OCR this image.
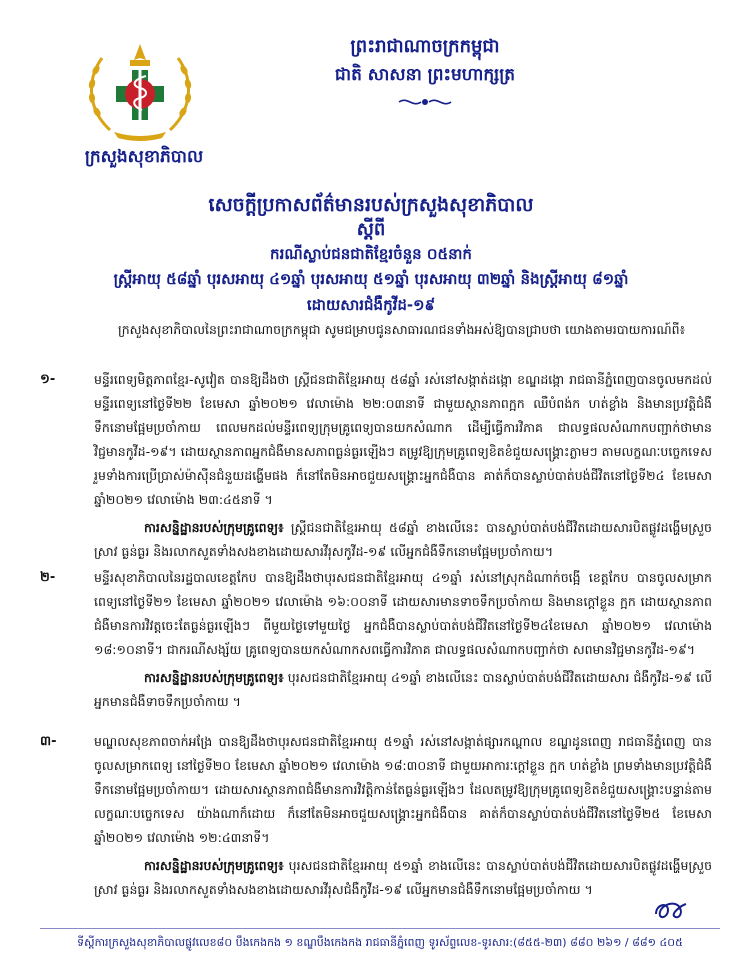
ក្រសួងសុខាភិបាល
ព្រះរាជាណាចក្រកម្ពុជា
ជាតិ សាសនា ព្រះមហាក្សត្រ
សេចក្តីប្រកាសព័ត៌មានរបស់ក្រសួងសុខាភិបាល
ស្តីពី
ករណីស្លាប់ជនជាតិខ្មែរចំនួន ០៥នាក់
ស្ត្រីអាយុ ៥៨ឆ្នាំ បុរសអាយុ ៤១ឆ្នាំ បុរសអាយុ ៥១ឆ្នាំ បុរសអាយុ ៣២ឆ្នាំ និងស្ត្រីអាយុ ៨១ឆ្នាំ
ដោយសារជំងឺកូវីដ-១៩
ក្រសួងសុខាភិបាលនៃព្រះរាជាណាចក្រកម្ពុជា សូមជម្រាបជូនសាធារណជនទាំងអស់ឱ្យបានជ្រាបថា យោងតាមរបាយការណ៍ពី៖
១-	មន្ទីរពេទ្យមិត្តភាពខ្មែរ-សូវៀត បានឱ្យដឹងថា ស្ត្រីជនជាតិខ្មែរអាយុ ៥៨ឆ្នាំ រស់នៅសង្កាត់ដង្កោ ខណ្ឌដង្កោ រាជធានីភ្នំពេញបានចូលមកដល់មន្ទីរពេទ្យនៅថ្ងៃទី២២ ខែមេសា ឆ្នាំ២០២១ វេលាម៉ោង ២២:០៣នាទី ជាមួយស្ថានភាពក្អក ឈឺបំពង់ក ហត់ខ្លាំង និងមានប្រវត្តិជំងឺទឹកនោមផ្អែមប្រចាំកាយ ពេលមកដល់មន្ទីរពេទ្យក្រុមគ្រូពេទ្យបានយកសំណាក ដើម្បីធ្វើការវិភាគ ជាលទ្ធផលសំណាកបញ្ជាក់ថាមានវិជ្ជមានកូវីដ-១៩។ ដោយស្ថានភាពអ្នកជំងឺមានសភាពធ្ងន់ធ្ងរឡើងៗ តម្រូវឱ្យក្រុមគ្រូពេទ្យខិតខំជួយសង្គ្រោះភ្លាមៗ តាមលក្ខណៈបច្ចេកទេសរួមទាំងការប្រើប្រាស់ម៉ាស៊ីនជំនួយដង្ហើមផង ក៏នៅតែមិនអាចជួយសង្គ្រោះអ្នកជំងឺបាន គាត់ក៏បានស្លាប់បាត់បង់ជីវិតនៅថ្ងៃទី២៤ ខែមេសា ឆ្នាំ២០២១ វេលាម៉ោង ២៣:៤៥នាទី ។
ការសន្និដ្ឋានរបស់ក្រុមគ្រូពេទ្យ៖ ស្ត្រីជនជាតិខ្មែរអាយុ ៥៨ឆ្នាំ ខាងលើនេះ បានស្លាប់បាត់បង់ជីវិតដោយសារបិតផ្លូវដង្ហើមស្រួចស្រាវ ធ្ងន់ធ្ងរ និងរលាកសួតទាំងសងខាងដោយសារវីរុសកូវីដ-១៩ លើអ្នកជំងឺទឹកនោមផ្អែមប្រចាំកាយ។
២-	មន្ទីរសុខាភិបាលនៃរដ្ឋបាលខេត្តកែប បានឱ្យដឹងថាបុរសជនជាតិខ្មែរអាយុ ៤១ឆ្នាំ រស់នៅស្រុកដំណាក់ចង្អើ ខេត្តកែប បានចូលសម្រាកពេទ្យនៅថ្ងៃទី២១ ខែមេសា ឆ្នាំ២០២១ វេលាម៉ោង ១៦:០០នាទី ដោយសារមានទាចទឹកប្រចាំកាយ និងមានក្តៅខ្លួន ក្អក ដោយស្ថានភាពជំងឺមានការវិវត្តចេះតែធ្ងន់ធ្ងរឡើងៗ ពីមួយថ្ងៃទៅមួយថ្ងៃ អ្នកជំងឺបានស្លាប់បាត់បង់ជីវិតនៅថ្ងៃទី២៤ខែមេសា ឆ្នាំ២០២១ វេលាម៉ោង ១៨:១០នាទី។ ជាករណីសង្ស័យ គ្រូពេទ្យបានយកសំណាកសពធ្វើការវិភាគ ជាលទ្ធផលសំណាកបញ្ជាក់ថា សពមានវិជ្ជមានកូវីដ-១៩។
ការសន្និដ្ឋានរបស់ក្រុមគ្រូពេទ្យ៖ បុរសជនជាតិខ្មែរអាយុ ៤១ឆ្នាំ ខាងលើនេះ បានស្លាប់បាត់បង់ជីវិតដោយសារ ជំងឺកូវីដ-១៩ លើអ្នកមានជំងឺទាចទឹកប្រចាំកាយ ។
៣-	មណ្ឌលសុខភាពចាក់អង្រែ បានឱ្យដឹងថាបុរសជនជាតិខ្មែរអាយុ ៥១ឆ្នាំ រស់នៅសង្កាត់ផ្សារកណ្តាល ខណ្ឌដូនពេញ រាជធានីភ្នំពេញ បានចូលសម្រាកពេទ្យ នៅថ្ងៃទី២០ ខែមេសា ឆ្នាំ២០២១ វេលាម៉ោង ១៨:៣០នាទី ជាមួយអាការៈក្តៅខ្លួន ក្អក ហត់ខ្លាំង ព្រមទាំងមានប្រវត្តិជំងឺទឹកនោមផ្អែមប្រចាំកាយ។ ដោយសារស្ថានភាពជំងឺមានការវិវត្តិកាន់តែធ្ងន់ធ្ងរឡើងៗ ដែលតម្រូវឱ្យក្រុមគ្រូពេទ្យខិតខំជួយសង្គ្រោះបន្ទាន់តាមលក្ខណៈបច្ចេកទេស យ៉ាងណាក៏ដោយ ក៏នៅតែមិនអាចជួយសង្គ្រោះអ្នកជំងឺបាន គាត់ក៏បានស្លាប់បាត់បង់ជីវិតនៅថ្ងៃទី២៥ ខែមេសា ឆ្នាំ២០២១ វេលាម៉ោង ១២:៤៣នាទី។
ការសន្និដ្ឋានរបស់ក្រុមគ្រូពេទ្យ៖ បុរសជនជាតិខ្មែរអាយុ ៥១ឆ្នាំ ខាងលើនេះ បានស្លាប់បាត់បង់ជីវិតដោយសារបិតផ្លូវដង្ហើមស្រួចស្រាវ ធ្ងន់ធ្ងរ និងរលាកសួតទាំងសងខាងដោយសារវីរុសជំងឺកូវីដ-១៩ លើអ្នកមានជំងឺទឹកនោមផ្អែមប្រចាំកាយ ។
ទីស្តីការក្រសួងសុខាភិបាលផ្លូវលេខ៨០ បឹងកេងកង ១ ខណ្ឌបឹងកេងកង រាជធានីភ្នំពេញ ទូរស័ព្ទលេខ-ទូរសារ:(៨៥៥-២៣) ៨៨០ ២៦១ / ៨៨១ ៤០៥
